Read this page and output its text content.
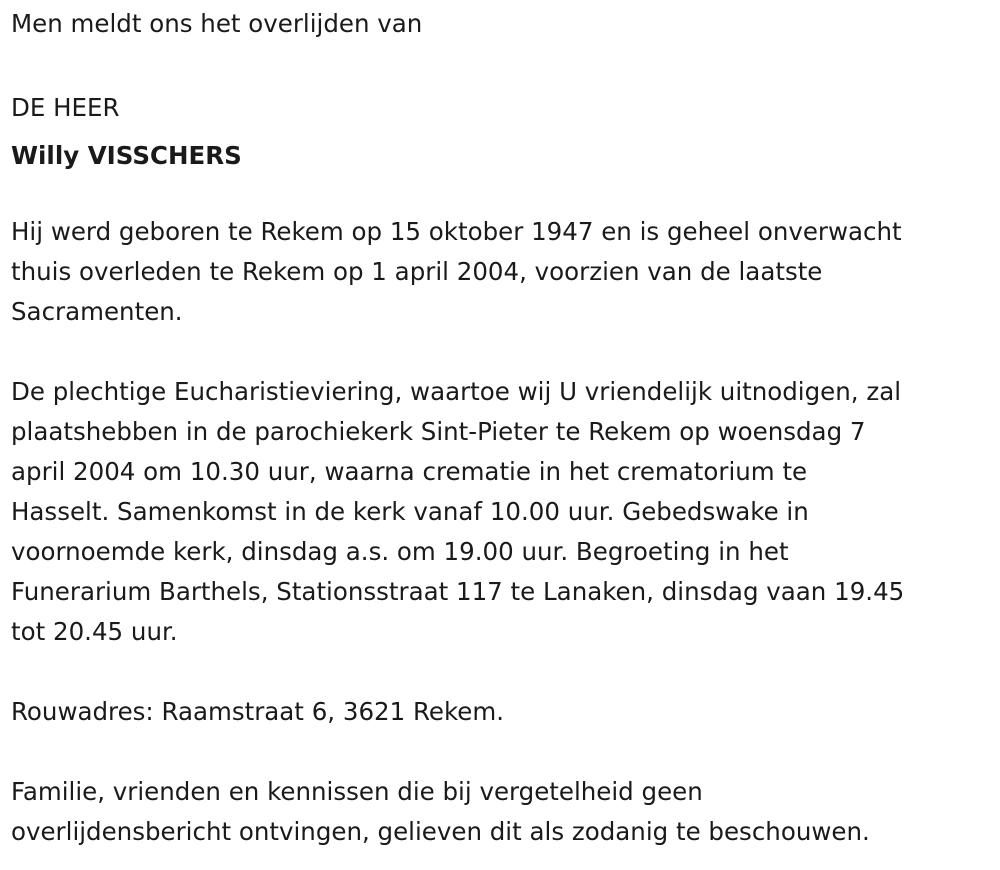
Men meldt ons het overlijden van

DE HEER

Willy VISSCHERS

Hij werd geboren te Rekem op 15 oktober 1947 en is geheel onverwacht
thuis overleden te Rekem op 1 april 2004, voorzien van de laatste
Sacramenten.

De plechtige Eucharistieviering, waartoe wij U vriendelijk uitnodigen, zal
plaatshebben in de parochiekerk Sint-Pieter te Rekem op woensdag 7
april 2004 om 10.30 uur, waarna crematie in het crematorium te
Hasselt. Samenkomst in de kerk vanaf 10.00 uur. Gebedswake in
voornoemde kerk, dinsdag a.s. om 19.00 uur. Begroeting in het
Funerarium Barthels, Stationsstraat 117 te Lanaken, dinsdag vaan 19.45
tot 20.45 uur.

Rouwadres: Raamstraat 6, 3621 Rekem.

Familie, vrienden en kennissen die bij vergetelheid geen
overlijdensbericht ontvingen, gelieven dit als zodanig te beschouwen.
